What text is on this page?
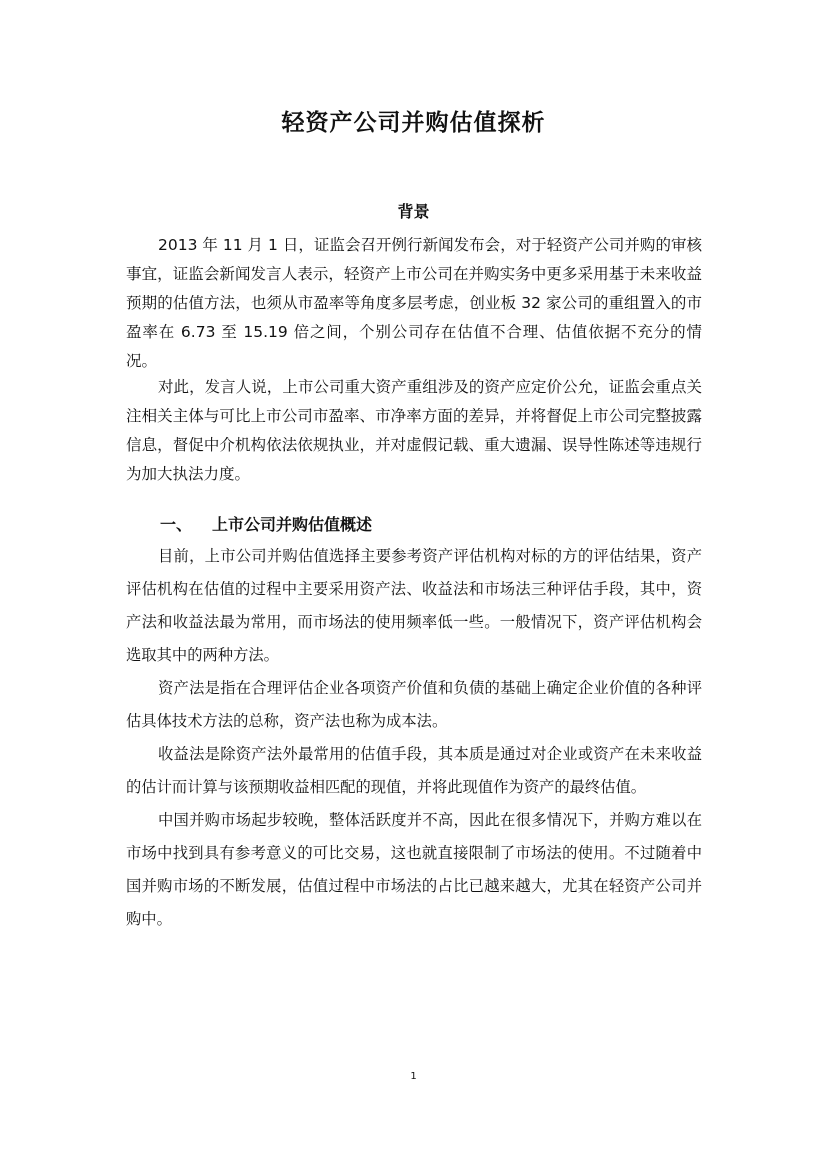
轻资产公司并购估值探析
背景

2013 年 11 月 1 日，证监会召开例行新闻发布会，对于轻资产公司并购的审核事宜，证监会新闻发言人表示，轻资产上市公司在并购实务中更多采用基于未来收益预期的估值方法，也须从市盈率等角度多层考虑，创业板 32 家公司的重组置入的市盈率在 6.73 至 15.19 倍之间，个别公司存在估值不合理、估值依据不充分的情况。

对此，发言人说，上市公司重大资产重组涉及的资产应定价公允，证监会重点关注相关主体与可比上市公司市盈率、市净率方面的差异，并将督促上市公司完整披露信息，督促中介机构依法依规执业，并对虚假记载、重大遗漏、误导性陈述等违规行为加大执法力度。

一、 上市公司并购估值概述

目前，上市公司并购估值选择主要参考资产评估机构对标的方的评估结果，资产评估机构在估值的过程中主要采用资产法、收益法和市场法三种评估手段，其中，资产法和收益法最为常用，而市场法的使用频率低一些。一般情况下，资产评估机构会选取其中的两种方法。

资产法是指在合理评估企业各项资产价值和负债的基础上确定企业价值的各种评估具体技术方法的总称，资产法也称为成本法。

收益法是除资产法外最常用的估值手段，其本质是通过对企业或资产在未来收益的估计而计算与该预期收益相匹配的现值，并将此现值作为资产的最终估值。

中国并购市场起步较晚，整体活跃度并不高，因此在很多情况下，并购方难以在市场中找到具有参考意义的可比交易，这也就直接限制了市场法的使用。不过随着中国并购市场的不断发展，估值过程中市场法的占比已越来越大，尤其在轻资产公司并购中。

1
